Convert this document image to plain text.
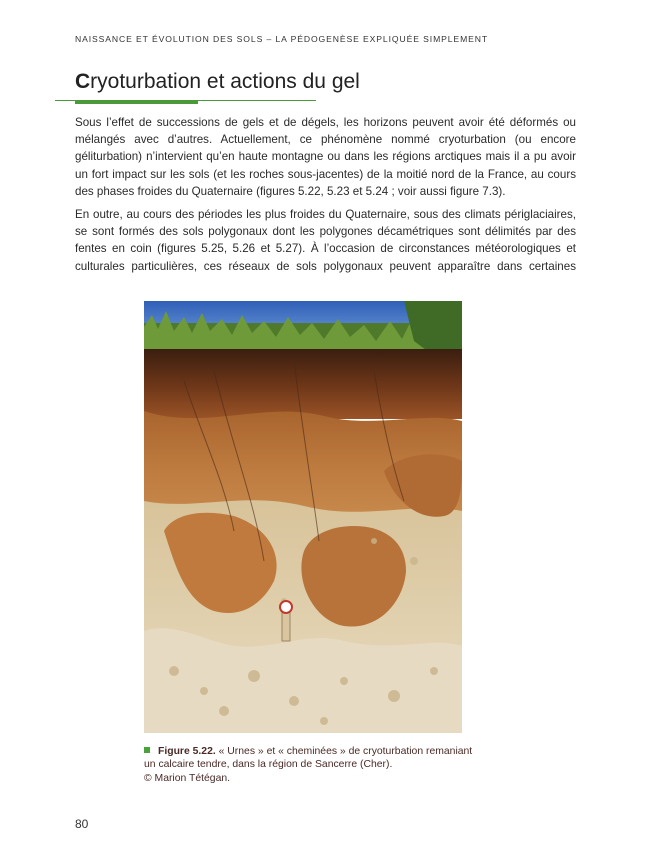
NAISSANCE ET ÉVOLUTION DES SOLS – LA PÉDOGENÈSE EXPLIQUÉE SIMPLEMENT
Cryoturbation et actions du gel

Sous l’effet de successions de gels et de dégels, les horizons peuvent avoir été déformés ou mélangés avec d’autres. Actuellement, ce phénomène nommé cryoturbation (ou encore géliturbation) n’intervient qu’en haute montagne ou dans les régions arctiques mais il a pu avoir un fort impact sur les sols (et les roches sous-jacentes) de la moitié nord de la France, au cours des phases froides du Quaternaire (figures 5.22, 5.23 et 5.24 ; voir aussi figure 7.3).

En outre, au cours des périodes les plus froides du Quaternaire, sous des climats périglaciaires, se sont formés des sols polygonaux dont les polygones décamétriques sont délimités par des fentes en coin (figures 5.25, 5.26 et 5.27). À l’occasion de circonstances météorologiques et culturales particulières, ces réseaux de sols polygonaux peuvent apparaître dans certaines

Figure 5.22. « Urnes » et « cheminées » de cryoturbation remaniant un calcaire tendre, dans la région de Sancerre (Cher).
© Marion Tétégan.
80
